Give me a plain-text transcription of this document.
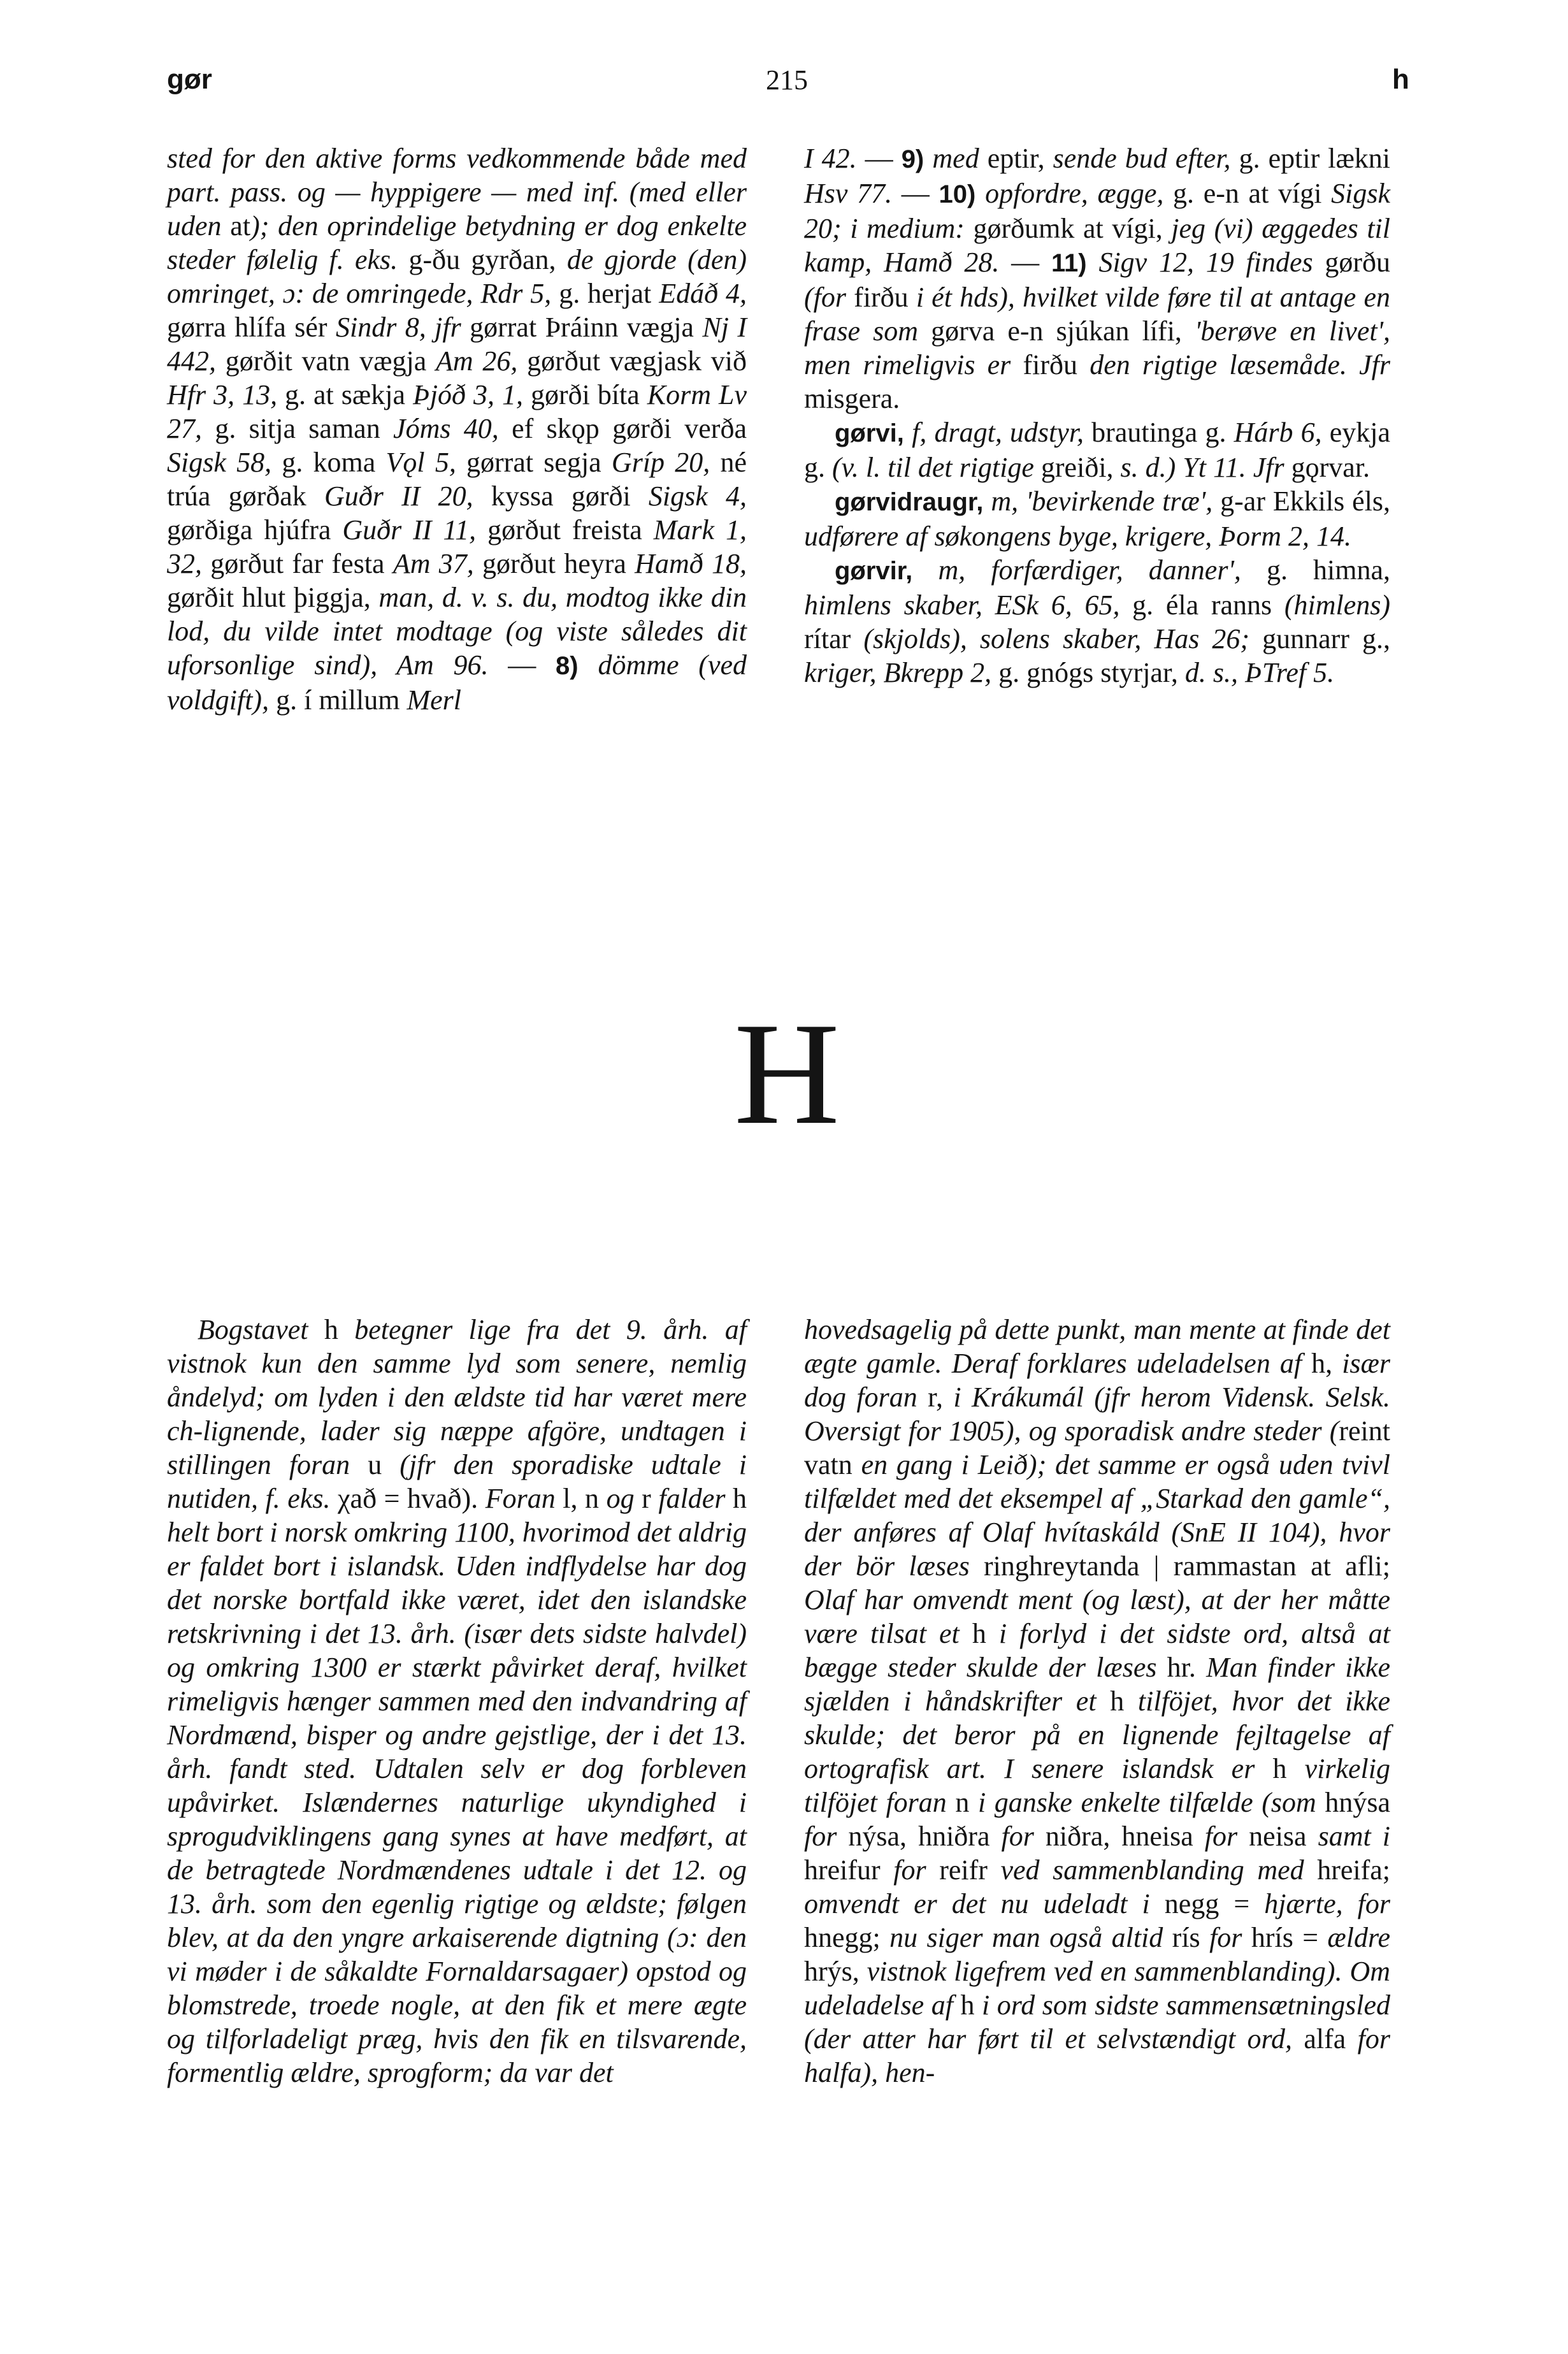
gør	215	h

sted for den aktive forms vedkommende både med part. pass. og — hyppigere — med inf. (med eller uden at); den oprindelige betydning er dog enkelte steder følelig f. eks. g-ðu gyrðan, de gjorde (den) omringet, ɔ: de omringede, Rdr 5, g. herjat Edáð 4, gørra hlífa sér Sindr 8, jfr gørrat Þráinn vægja Nj I 442, gørðit vatn vægja Am 26, gørðut vægjask við Hfr 3, 13, g. at sækja Þjóð 3, 1, gørði bíta Korm Lv 27, g. sitja saman Jóms 40, ef skǫp gørði verða Sigsk 58, g. koma Vǫl 5, gørrat segja Gríp 20, né trúa gørðak Guðr II 20, kyssa gørði Sigsk 4, gørðiga hjúfra Guðr II 11, gørðut freista Mark 1, 32, gørðut far festa Am 37, gørðut heyra Hamð 18, gørðit hlut þiggja, man, d. v. s. du, modtog ikke din lod, du vilde intet modtage (og viste således dit uforsonlige sind), Am 96. — 8) dömme (ved voldgift), g. í millum Merl

I 42. — 9) med eptir, sende bud efter, g. eptir lækni Hsv 77. — 10) opfordre, ægge, g. e-n at vígi Sigsk 20; i medium: gørðumk at vígi, jeg (vi) æggedes til kamp, Hamð 28. — 11) Sigv 12, 19 findes gørðu (for firðu i ét hds), hvilket vilde føre til at antage en frase som gørva e-n sjúkan lífi, 'berøve en livet', men rimeligvis er firðu den rigtige læsemåde. Jfr misgera.

gørvi, f, dragt, udstyr, brautinga g. Hárb 6, eykja g. (v. l. til det rigtige greiði, s. d.) Yt 11. Jfr gǫrvar.

gørvidraugr, m, 'bevirkende træ', g-ar Ekkils éls, udførere af søkongens byge, krigere, Þorm 2, 14.

gørvir, m, forfærdiger, danner', g. himna, himlens skaber, ESk 6, 65, g. éla ranns (himlens) rítar (skjolds), solens skaber, Has 26; gunnarr g., kriger, Bkrepp 2, g. gnógs styrjar, d. s., ÞTref 5.

H

Bogstavet h betegner lige fra det 9. årh. af vistnok kun den samme lyd som senere, nemlig åndelyd; om lyden i den ældste tid har været mere ch-lignende, lader sig næppe afgöre, undtagen i stillingen foran u (jfr den sporadiske udtale i nutiden, f. eks. χað = hvað). Foran l, n og r falder h helt bort i norsk omkring 1100, hvorimod det aldrig er faldet bort i islandsk. Uden indflydelse har dog det norske bortfald ikke været, idet den islandske retskrivning i det 13. årh. (især dets sidste halvdel) og omkring 1300 er stærkt påvirket deraf, hvilket rimeligvis hænger sammen med den indvandring af Nordmænd, bisper og andre gejstlige, der i det 13. årh. fandt sted. Udtalen selv er dog forbleven upåvirket. Islændernes naturlige ukyndighed i sprogudviklingens gang synes at have medført, at de betragtede Nordmændenes udtale i det 12. og 13. årh. som den egenlig rigtige og ældste; følgen blev, at da den yngre arkaiserende digtning (ɔ: den vi møder i de såkaldte Fornaldarsagaer) opstod og blomstrede, troede nogle, at den fik et mere ægte og tilforladeligt præg, hvis den fik en tilsvarende, formentlig ældre, sprogform; da var det

hovedsagelig på dette punkt, man mente at finde det ægte gamle. Deraf forklares udeladelsen af h, især dog foran r, i Krákumál (jfr herom Vidensk. Selsk. Oversigt for 1905), og sporadisk andre steder (reint vatn en gang i Leið); det samme er også uden tvivl tilfældet med det eksempel af „Starkad den gamle“, der anføres af Olaf hvítaskáld (SnE II 104), hvor der bör læses ringhreytanda | rammastan at afli; Olaf har omvendt ment (og læst), at der her måtte være tilsat et h i forlyd i det sidste ord, altså at bægge steder skulde der læses hr. Man finder ikke sjælden i håndskrifter et h tilföjet, hvor det ikke skulde; det beror på en lignende fejltagelse af ortografisk art. I senere islandsk er h virkelig tilföjet foran n i ganske enkelte tilfælde (som hnýsa for nýsa, hniðra for niðra, hneisa for neisa samt i hreifur for reifr ved sammenblanding med hreifa; omvendt er det nu udeladt i negg = hjærte, for hnegg; nu siger man også altid rís for hrís = ældre hrýs, vistnok ligefrem ved en sammenblanding). Om udeladelse af h i ord som sidste sammensætningsled (der atter har ført til et selvstændigt ord, alfa for halfa), hen-
